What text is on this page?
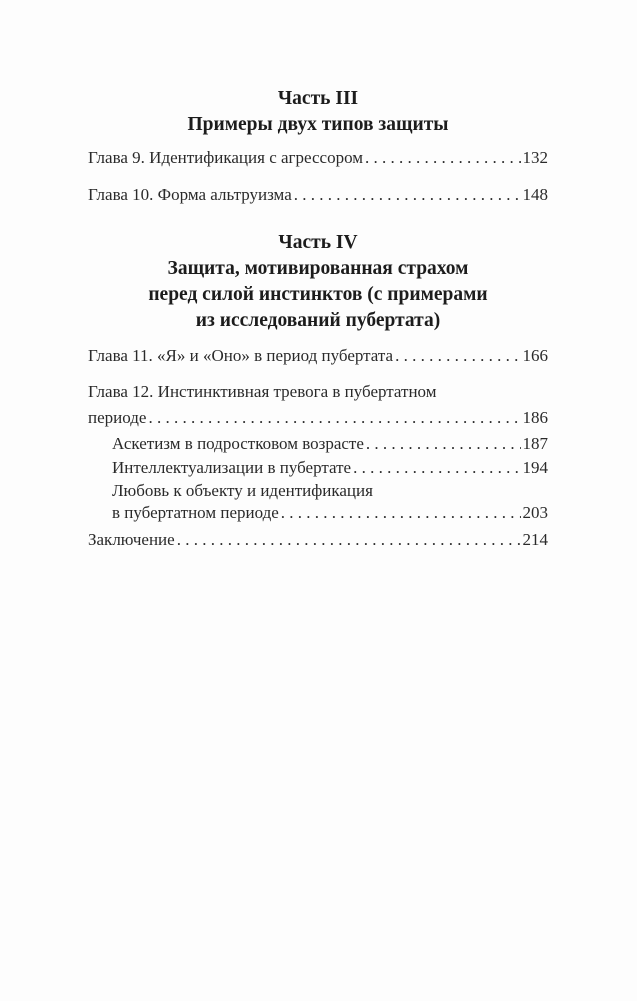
Часть III
Примеры двух типов защиты
Глава 9. Идентификация с агрессором . . .	132
Глава 10. Форма альтруизма . . .	148
Часть IV
Защита, мотивированная страхом
перед силой инстинктов (с примерами
из исследований пубертата)
Глава 11. «Я» и «Оно» в период пубертата . . .	166
Глава 12. Инстинктивная тревога в пубертатном
периоде . . .	186
Аскетизм в подростковом возрасте . . .	187
Интеллектуализации в пубертате . . .	194
Любовь к объекту и идентификация
в пубертатном периоде . . .	203
Заключение . . .	214
